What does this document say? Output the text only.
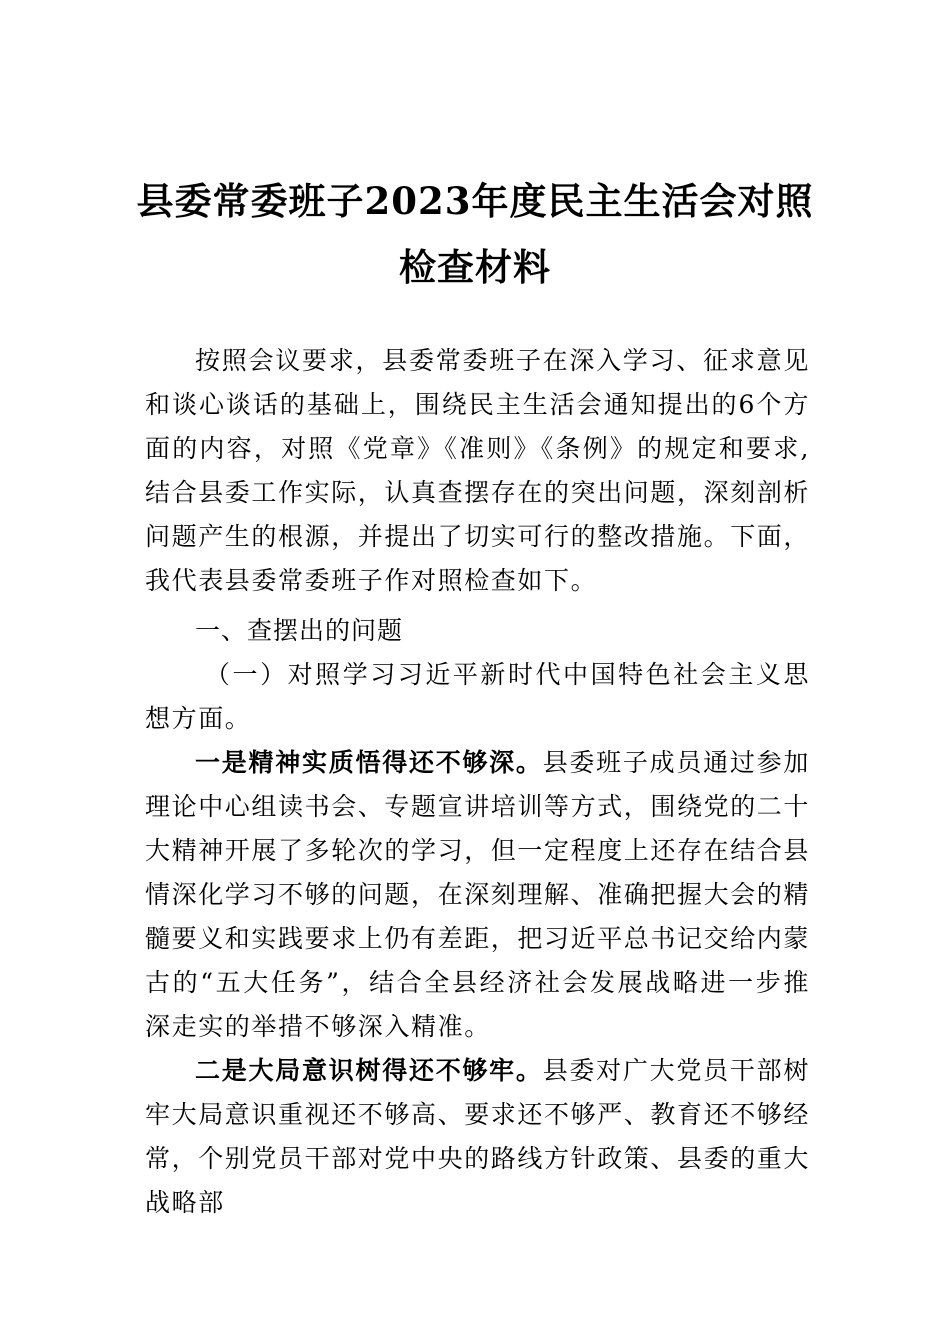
县委常委班子2023年度民主生活会对照检查材料

按照会议要求，县委常委班子在深入学习、征求意见和谈心谈话的基础上，围绕民主生活会通知提出的6个方面的内容，对照《党章》《准则》《条例》的规定和要求,结合县委工作实际，认真查摆存在的突出问题，深刻剖析问题产生的根源，并提出了切实可行的整改措施。下面，我代表县委常委班子作对照检查如下。

一、查摆出的问题

（一）对照学习习近平新时代中国特色社会主义思想方面。

一是精神实质悟得还不够深。县委班子成员通过参加理论中心组读书会、专题宣讲培训等方式，围绕党的二十大精神开展了多轮次的学习，但一定程度上还存在结合县情深化学习不够的问题，在深刻理解、准确把握大会的精髓要义和实践要求上仍有差距，把习近平总书记交给内蒙古的“五大任务”，结合全县经济社会发展战略进一步推深走实的举措不够深入精准。

二是大局意识树得还不够牢。县委对广大党员干部树牢大局意识重视还不够高、要求还不够严、教育还不够经常，个别党员干部对党中央的路线方针政策、县委的重大战略部
